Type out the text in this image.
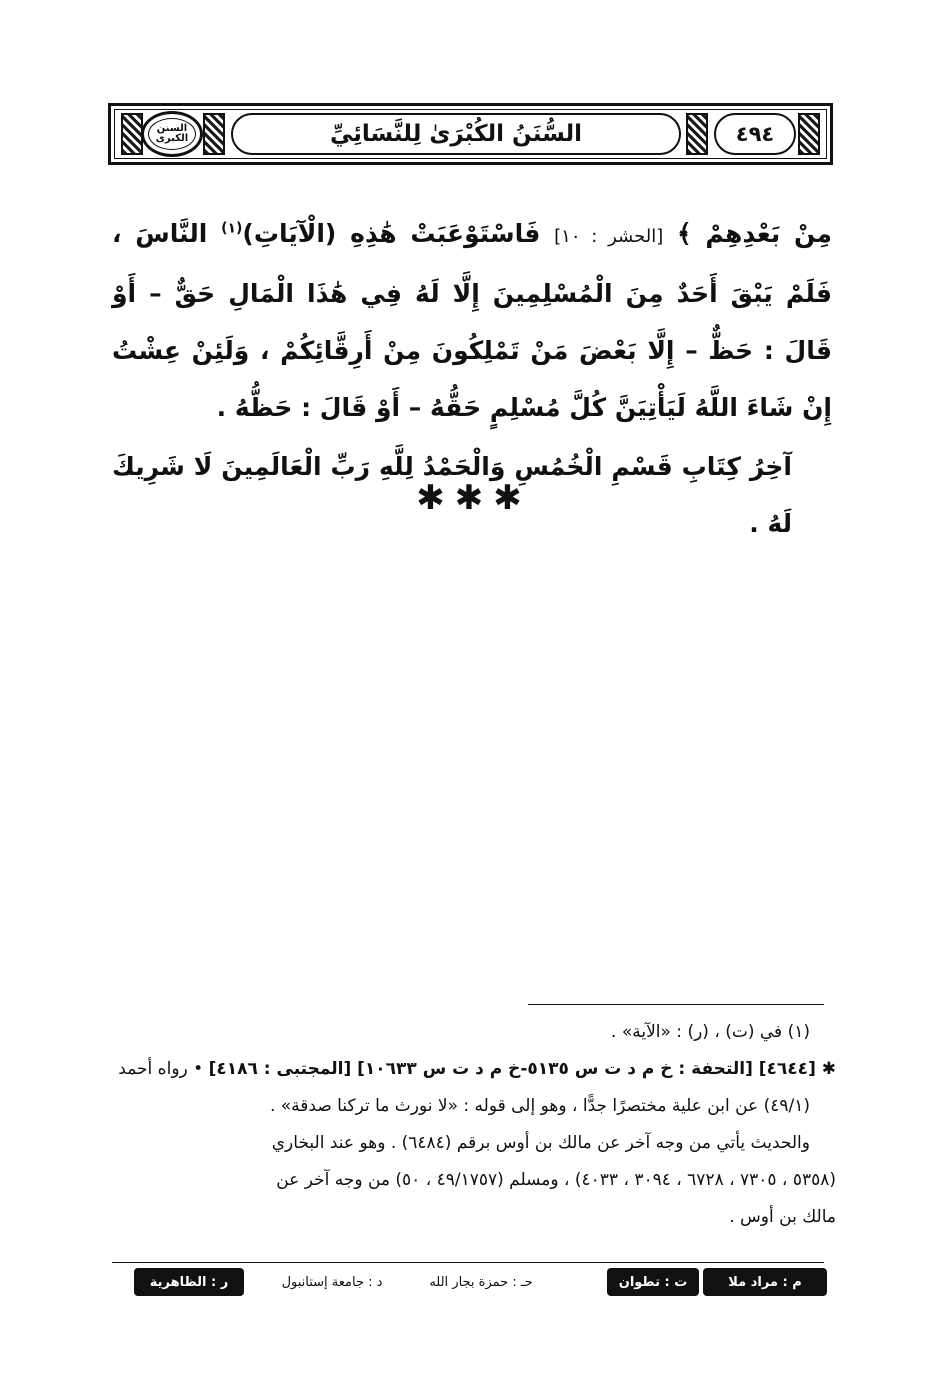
السنن الكبرى	السُّنَنُ الكُبْرَىٰ لِلنَّسَائِيِّ	٤٩٤

مِنْ بَعْدِهِمْ ﴾ [الحشر : ١٠] فَاسْتَوْعَبَتْ هَٰذِهِ (الْآيَاتِ)$^{(١)}$ النَّاسَ ، فَلَمْ يَبْقَ أَحَدٌ مِنَ الْمُسْلِمِينَ إِلَّا لَهُ فِي هَٰذَا الْمَالِ حَقٌّ – أَوْ قَالَ : حَظٌّ – إِلَّا بَعْضَ مَنْ تَمْلِكُونَ مِنْ أَرِقَّائِكُمْ ، وَلَئِنْ عِشْتُ إِنْ شَاءَ اللَّهُ لَيَأْتِيَنَّ كُلَّ مُسْلِمٍ حَقُّهُ – أَوْ قَالَ : حَظُّهُ .

آخِرُ كِتَابِ قَسْمِ الْخُمُسِ وَالْحَمْدُ لِلَّهِ رَبِّ الْعَالَمِينَ لَا شَرِيكَ لَهُ .

✱✱✱

(١) في (ت) ، (ر) : «الآية» .

✱ [٤٦٤٤] [التحفة : خ م د ت س ٥١٣٥-خ م د ت س ١٠٦٣٣] [المجتبى : ٤١٨٦] • رواه أحمد

(٤٩/١) عن ابن علية مختصرًا جدًّا ، وهو إلى قوله : «لا نورث ما تركنا صدقة» .

والحديث يأتي من وجه آخر عن مالك بن أوس برقم (٦٤٨٤) . وهو عند البخاري

(٥٣٥٨ ، ٧٣٠٥ ، ٦٧٢٨ ، ٣٠٩٤ ، ٤٠٣٣) ، ومسلم (٤٩/١٧٥٧ ، ٥٠) من وجه آخر عن

مالك بن أوس .

م : مراد ملا
ت : تطوان
حـ : حمزة بجار الله
د : جامعة إستانبول
ر : الظاهرية
